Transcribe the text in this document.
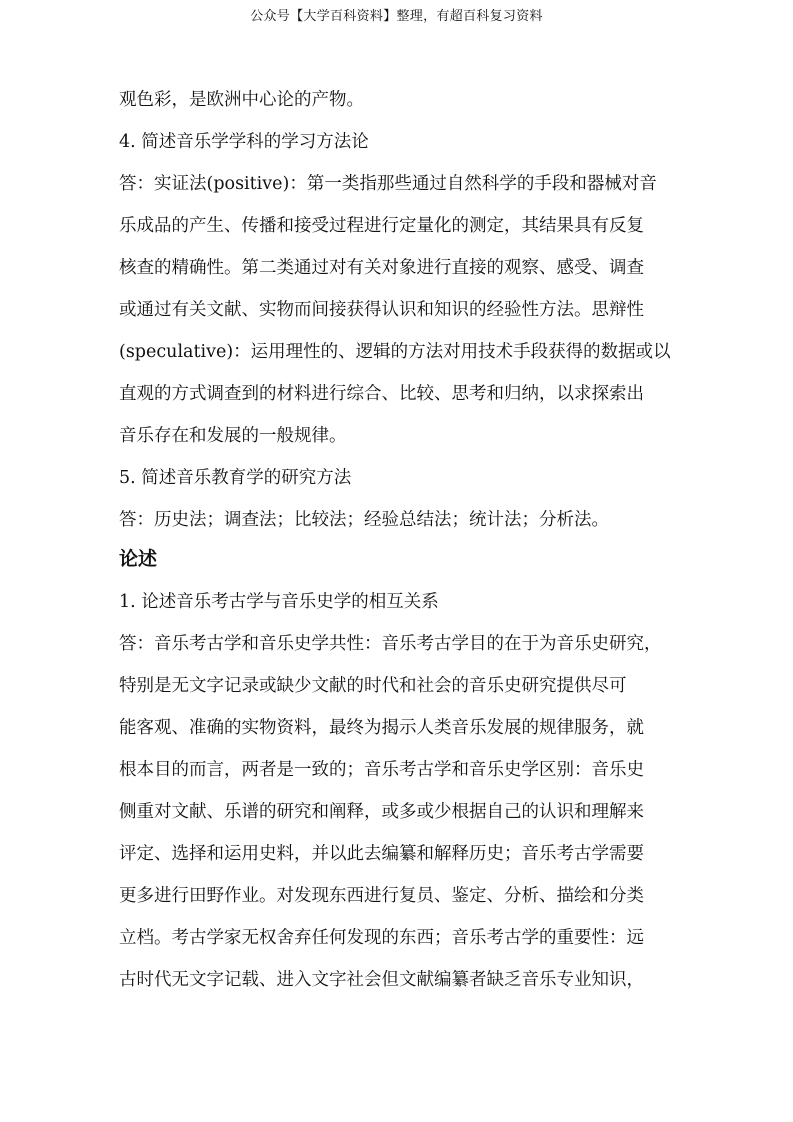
公众号【大学百科资料】整理，有超百科复习资料
观色彩，是欧洲中心论的产物。
4. 简述音乐学学科的学习方法论
答：实证法(positive)：第一类指那些通过自然科学的手段和器械对音
乐成品的产生、传播和接受过程进行定量化的测定，其结果具有反复
核查的精确性。第二类通过对有关对象进行直接的观察、感受、调查
或通过有关文献、实物而间接获得认识和知识的经验性方法。思辩性
(speculative)：运用理性的、逻辑的方法对用技术手段获得的数据或以
直观的方式调查到的材料进行综合、比较、思考和归纳，以求探索出
音乐存在和发展的一般规律。
5. 简述音乐教育学的研究方法
答：历史法；调查法；比较法；经验总结法；统计法；分析法。
论述
1. 论述音乐考古学与音乐史学的相互关系
答：音乐考古学和音乐史学共性：音乐考古学目的在于为音乐史研究，
特别是无文字记录或缺少文献的时代和社会的音乐史研究提供尽可
能客观、准确的实物资料，最终为揭示人类音乐发展的规律服务，就
根本目的而言，两者是一致的；音乐考古学和音乐史学区别：音乐史
侧重对文献、乐谱的研究和阐释，或多或少根据自己的认识和理解来
评定、选择和运用史料，并以此去编纂和解释历史；音乐考古学需要
更多进行田野作业。对发现东西进行复员、鉴定、分析、描绘和分类
立档。考古学家无权舍弃任何发现的东西；音乐考古学的重要性：远
古时代无文字记载、进入文字社会但文献编纂者缺乏音乐专业知识，
